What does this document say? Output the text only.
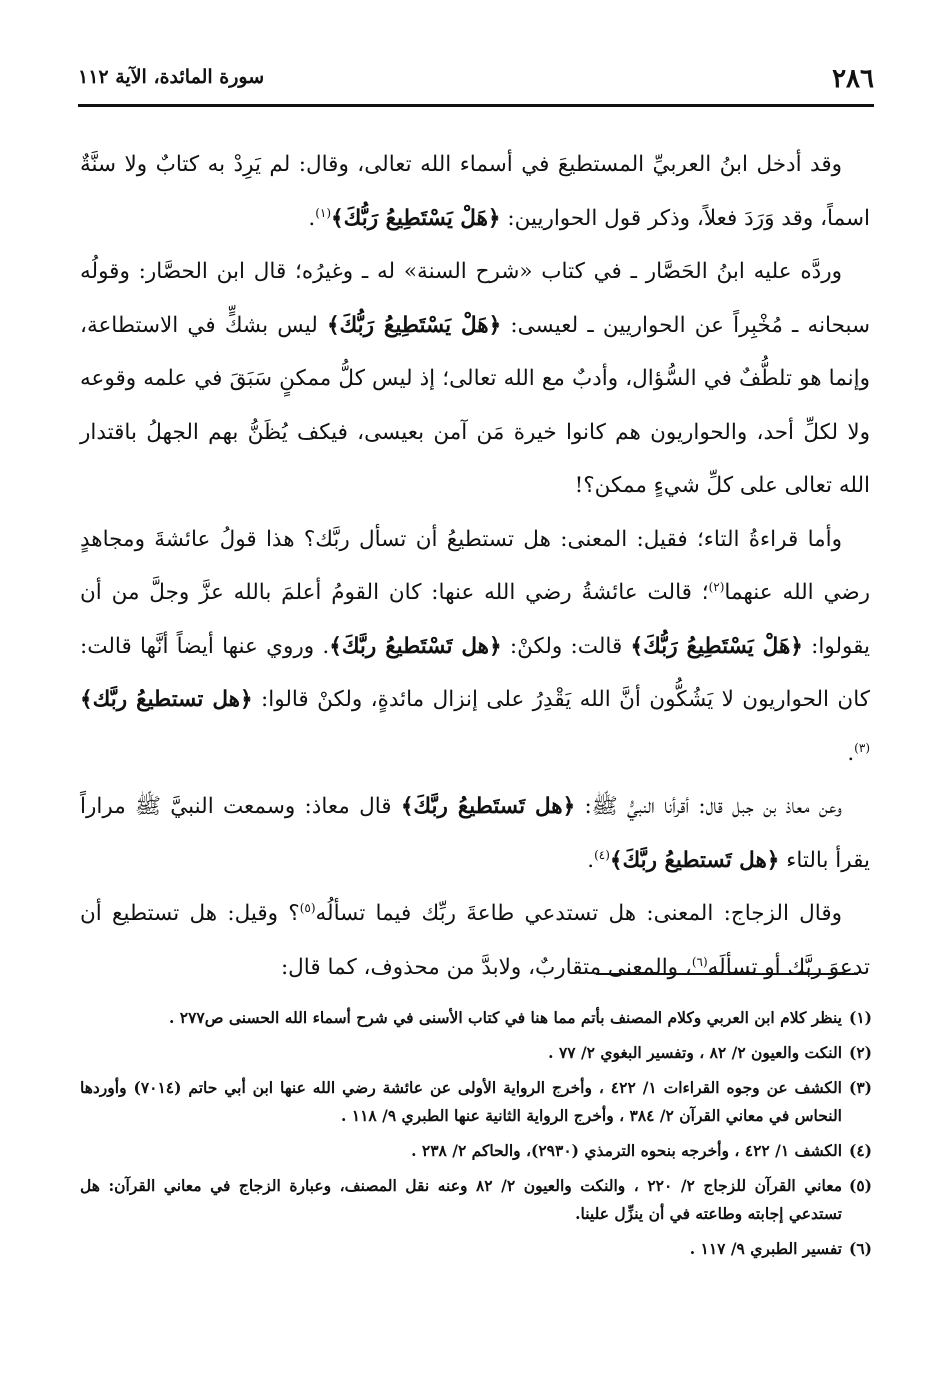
٢٨٦
سورة المائدة، الآية ١١٢

وقد أدخل ابنُ العربيِّ المستطيعَ في أسماء الله تعالى، وقال: لم يَرِدْ به كتابٌ ولا سنَّةٌ اسماً، وقد وَرَدَ فعلاً، وذكر قول الحواريين: ﴿هَلْ يَسْتَطِيعُ رَبُّكَ﴾$^{(١)}$.

وردَّه عليه ابنُ الحَصَّار ـ في كتاب «شرح السنة» له ـ وغيرُه؛ قال ابن الحصَّار: وقولُه سبحانه ـ مُخْبِراً عن الحواريين ـ لعيسى: ﴿هَلْ يَسْتَطِيعُ رَبُّكَ﴾ ليس بشكٍّ في الاستطاعة، وإنما هو تلطُّفٌ في السُّؤال، وأدبٌ مع الله تعالى؛ إذ ليس كلُّ ممكنٍ سَبَقَ في علمه وقوعه ولا لكلِّ أحد، والحواريون هم كانوا خيرة مَن آمن بعيسى، فيكف يُظَنُّ بهم الجهلُ باقتدار الله تعالى على كلِّ شيءٍ ممكن؟!

وأما قراءةُ التاء؛ فقيل: المعنى: هل تستطيعُ أن تسأل ربَّك؟ هذا قولُ عائشةَ ومجاهدٍ رضي الله عنهما$^{(٢)}$؛ قالت عائشةُ رضي الله عنها: كان القومُ أعلمَ بالله عزَّ وجلَّ من أن يقولوا: ﴿هَلْ يَسْتَطِيعُ رَبُّكَ﴾ قالت: ولكنْ: ﴿هل تَسْتَطيعُ ربَّكَ﴾. وروي عنها أيضاً أنَّها قالت: كان الحواريون لا يَشُكُّون أنَّ الله يَقْدِرُ على إنزال مائدةٍ، ولكنْ قالوا: ﴿هل تستطيعُ ربَّك﴾$^{(٣)}$.

وعن معاذ بن جبل قال: أقرأنا النبيُّ ﷺ: ﴿هل تَستَطيعُ ربَّكَ﴾ قال معاذ: وسمعت النبيَّ ﷺ مراراً يقرأ بالتاء ﴿هل تَستطيعُ ربَّكَ﴾$^{(٤)}$.

وقال الزجاج: المعنى: هل تستدعي طاعةَ ربِّك فيما تسألُه$^{(٥)}$؟ وقيل: هل تستطيع أن تدعوَ ربَّك أو تسألَه$^{(٦)}$، والمعنى متقاربٌ، ولابدَّ من محذوف، كما قال:

(١)
ينظر كلام ابن العربي وكلام المصنف بأتم مما هنا في كتاب الأسنى في شرح أسماء الله الحسنى ص٢٧٧ .
(٢)
النكت والعيون ٢/ ٨٢ ، وتفسير البغوي ٢/ ٧٧ .
(٣)
الكشف عن وجوه القراءات ١/ ٤٢٢ ، وأخرج الرواية الأولى عن عائشة رضي الله عنها ابن أبي حاتم (٧٠١٤) وأوردها النحاس في معاني القرآن ٢/ ٣٨٤ ، وأخرج الرواية الثانية عنها الطبري ٩/ ١١٨ .
(٤)
الكشف ١/ ٤٢٢ ، وأخرجه بنحوه الترمذي (٢٩٣٠)، والحاكم ٢/ ٢٣٨ .
(٥)
معاني القرآن للزجاج ٢/ ٢٢٠ ، والنكت والعيون ٢/ ٨٢ وعنه نقل المصنف، وعبارة الزجاج في معاني القرآن: هل تستدعي إجابته وطاعته في أن ينزِّل علينا.
(٦)
تفسير الطبري ٩/ ١١٧ .
